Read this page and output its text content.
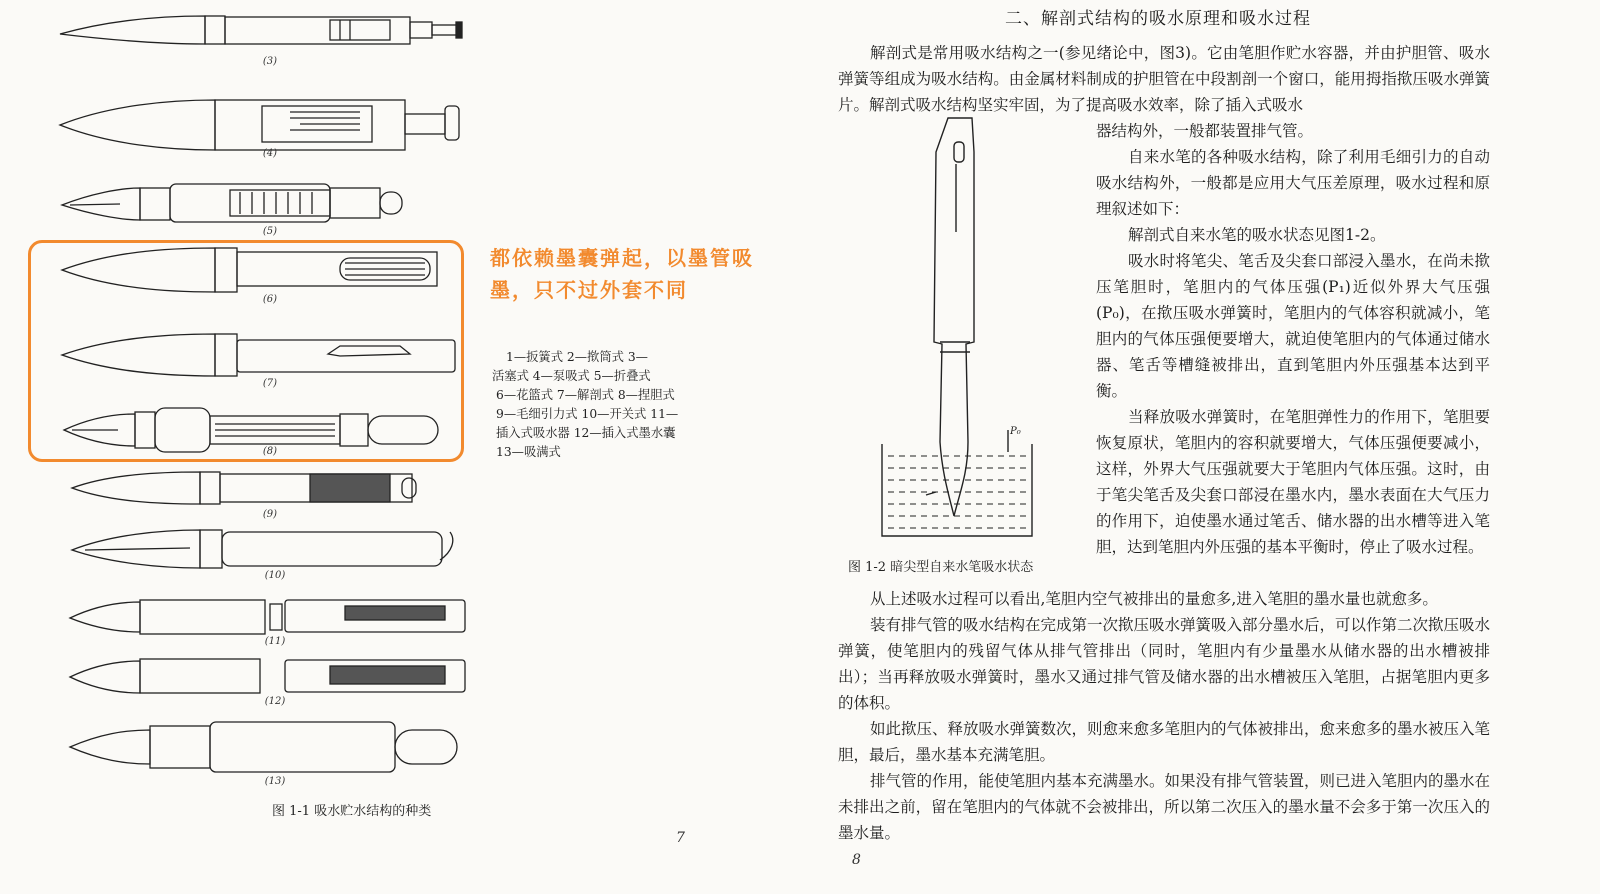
(3)
(4)
(5)
(6)
(7)
(8)
(9)
(10)
(11)
(12)
(13)
都依赖墨囊弹起，以墨管吸墨，只不过外套不同
1—扳簧式 2—揿筒式 3—
活塞式 4—泵吸式 5—折叠式
6—花篮式 7—解剖式 8—捏胆式
9—毛细引力式 10—开关式 11—
插入式吸水器 12—插入式墨水囊
13—吸满式
图 1-1 吸水贮水结构的种类
7
二、解剖式结构的吸水原理和吸水过程

解剖式是常用吸水结构之一(参见绪论中，图3)。它由笔胆作贮水容器，并由护胆管、吸水弹簧等组成为吸水结构。由金属材料制成的护胆管在中段割剖一个窗口，能用拇指揿压吸水弹簧片。解剖式吸水结构坚实牢固，为了提高吸水效率，除了插入式吸水

器结构外，一般都装置排气管。

P₀

自来水笔的各种吸水结构，除了利用毛细引力的自动吸水结构外，一般都是应用大气压差原理，吸水过程和原理叙述如下：

解剖式自来水笔的吸水状态见图1-2。

吸水时将笔尖、笔舌及尖套口部浸入墨水，在尚未揿压笔胆时，笔胆内的气体压强(P₁)近似外界大气压强(P₀)，在揿压吸水弹簧时，笔胆内的气体容积就减小，笔胆内的气体压强便要增大，就迫使笔胆内的气体通过储水器、笔舌等槽缝被排出，直到笔胆内外压强基本达到平衡。

当释放吸水弹簧时，在笔胆弹性力的作用下，笔胆要恢复原状，笔胆内的容积就要增大，气体压强便要减小，这样，外界大气压强就要大于笔胆内气体压强。这时，由于笔尖笔舌及尖套口部浸在墨水内，墨水表面在大气压力的作用下，迫使墨水通过笔舌、储水器的出水槽等进入笔胆，达到笔胆内外压强的基本平衡时，停止了吸水过程。

图 1-2 暗尖型自来水笔吸水状态

从上述吸水过程可以看出,笔胆内空气被排出的量愈多,进入笔胆的墨水量也就愈多。

装有排气管的吸水结构在完成第一次揿压吸水弹簧吸入部分墨水后，可以作第二次揿压吸水弹簧，使笔胆内的残留气体从排气管排出（同时，笔胆内有少量墨水从储水器的出水槽被排出）；当再释放吸水弹簧时，墨水又通过排气管及储水器的出水槽被压入笔胆，占据笔胆内更多的体积。

如此揿压、释放吸水弹簧数次，则愈来愈多笔胆内的气体被排出，愈来愈多的墨水被压入笔胆，最后，墨水基本充满笔胆。

排气管的作用，能使笔胆内基本充满墨水。如果没有排气管装置，则已进入笔胆内的墨水在未排出之前，留在笔胆内的气体就不会被排出，所以第二次压入的墨水量不会多于第一次压入的墨水量。

8
